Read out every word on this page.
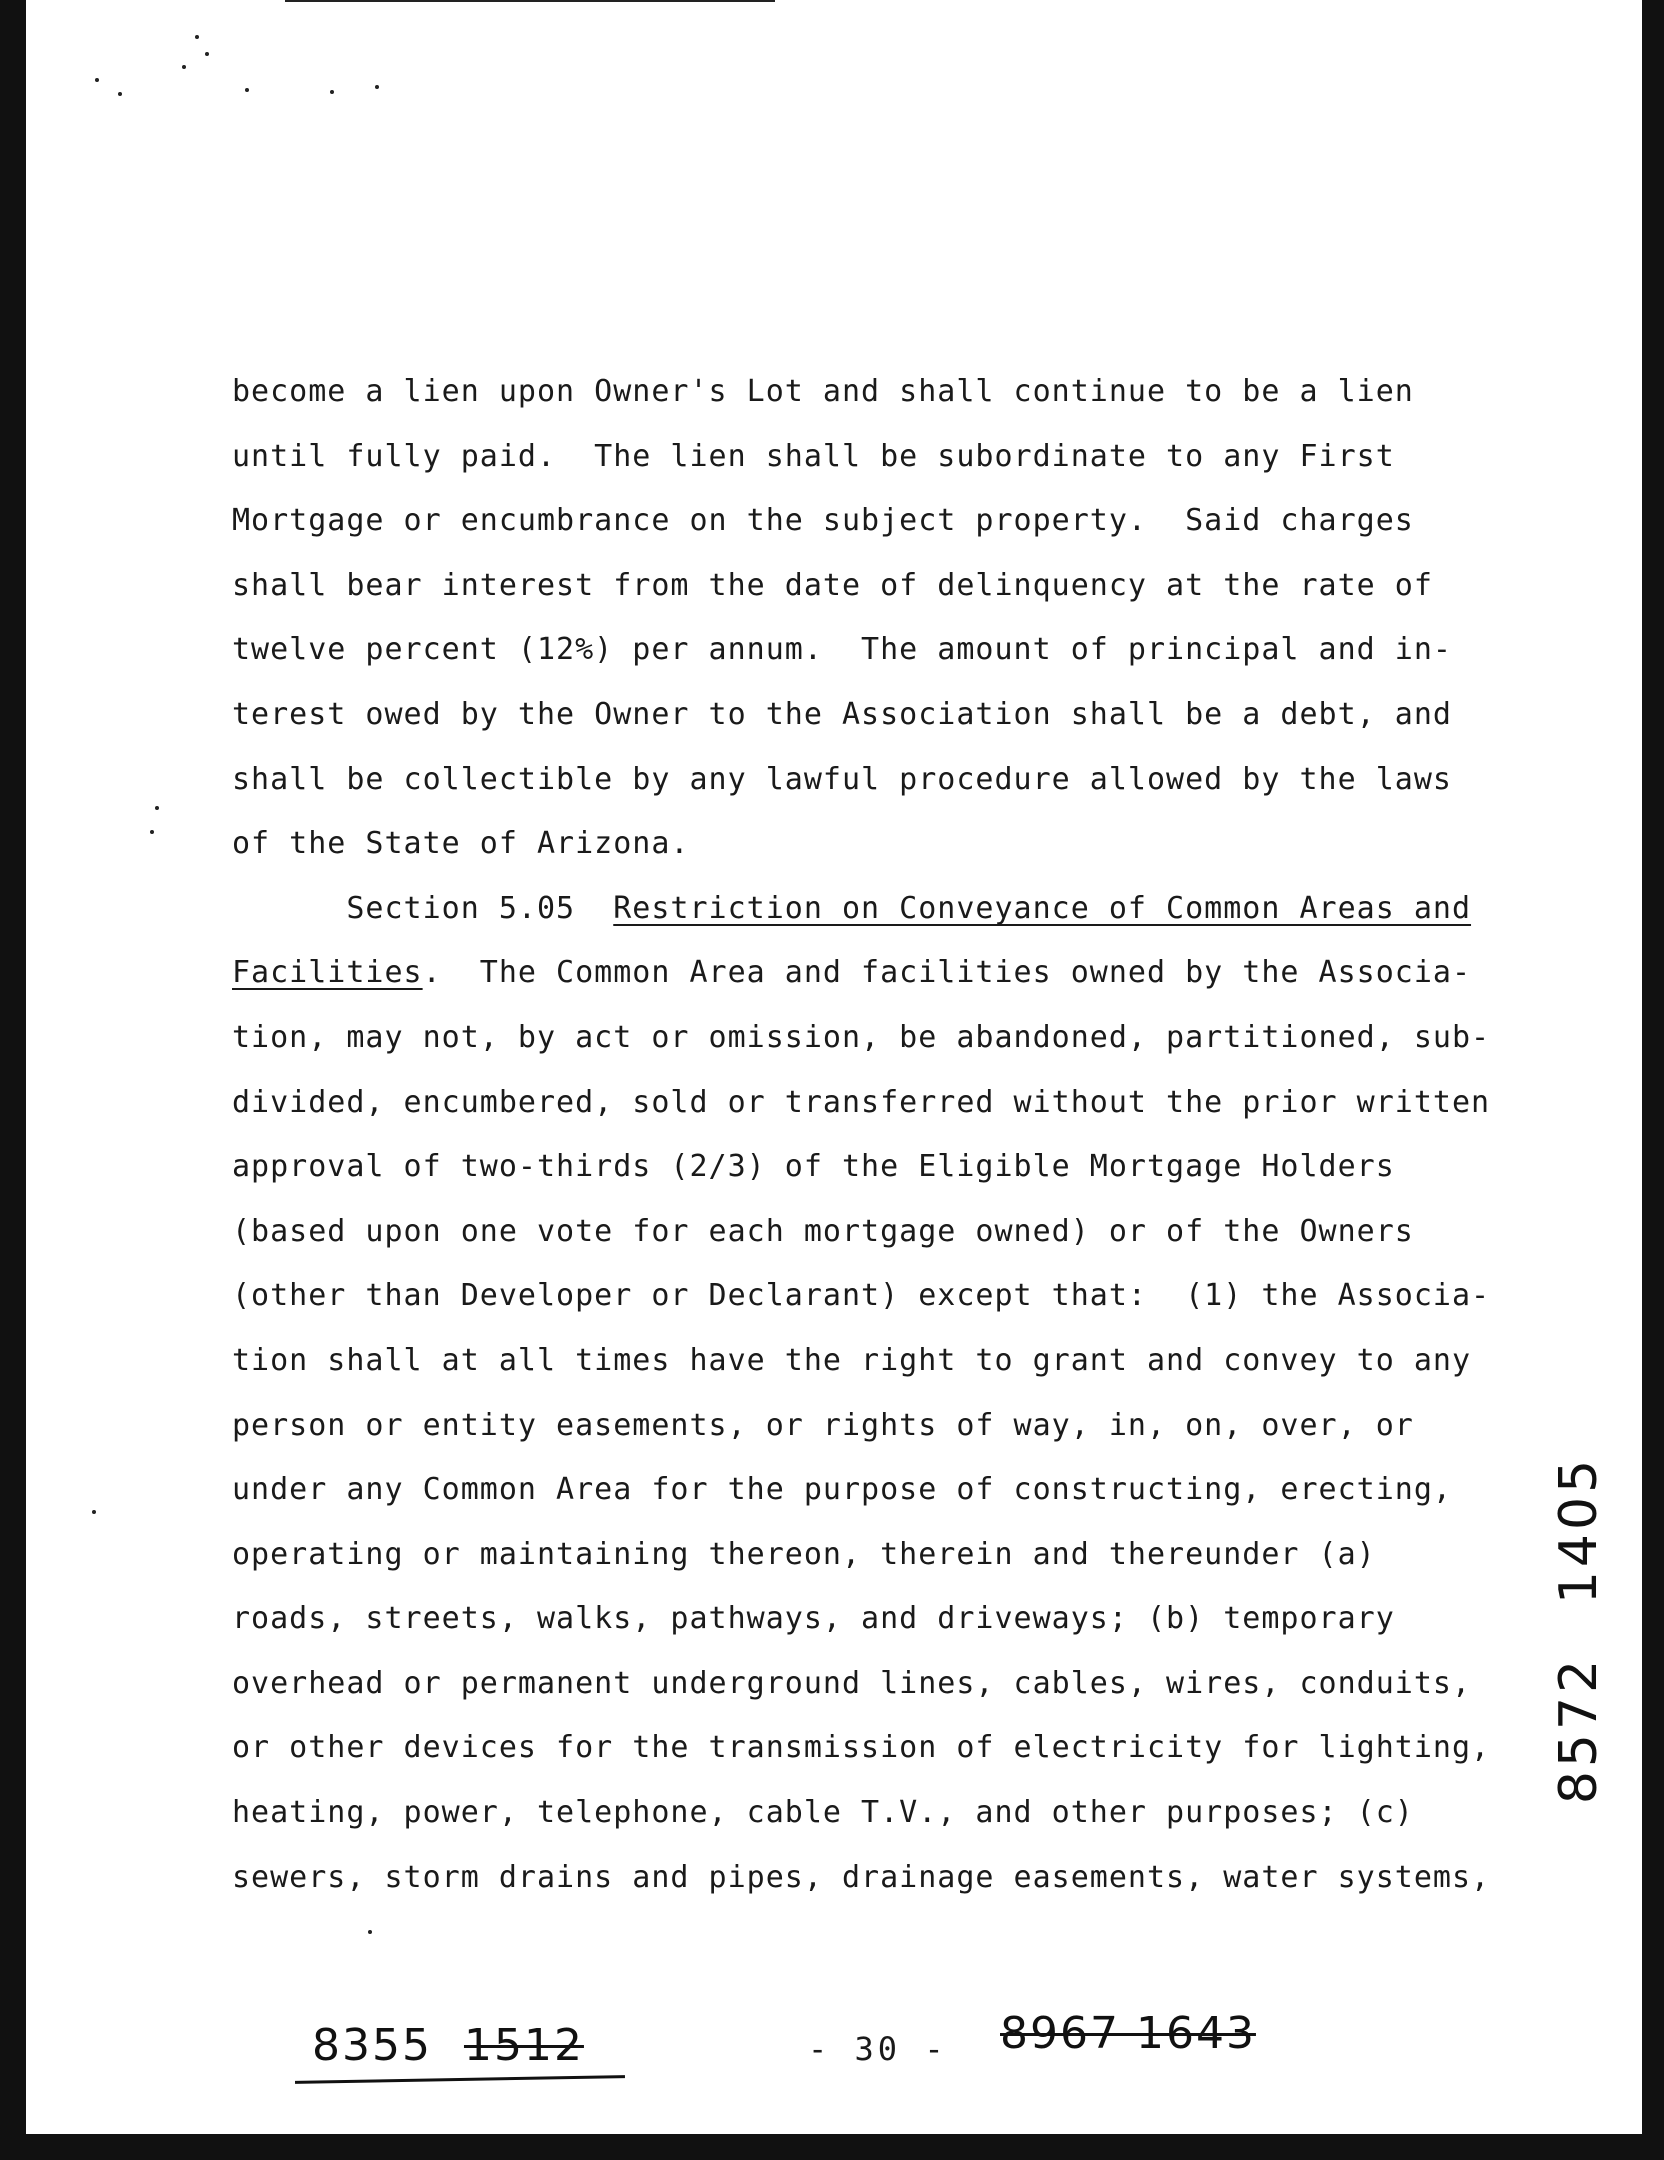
become a lien upon Owner's Lot and shall continue to be a lien
until fully paid.  The lien shall be subordinate to any First
Mortgage or encumbrance on the subject property.  Said charges
shall bear interest from the date of delinquency at the rate of
twelve percent (12%) per annum.  The amount of principal and in-
terest owed by the Owner to the Association shall be a debt, and
shall be collectible by any lawful procedure allowed by the laws
of the State of Arizona.
Section 5.05 Restriction on Conveyance of Common Areas and
Facilities.  The Common Area and facilities owned by the Associa-
tion, may not, by act or omission, be abandoned, partitioned, sub-
divided, encumbered, sold or transferred without the prior written
approval of two-thirds (2/3) of the Eligible Mortgage Holders
(based upon one vote for each mortgage owned) or of the Owners
(other than Developer or Declarant) except that:  (1) the Associa-
tion shall at all times have the right to grant and convey to any
person or entity easements, or rights of way, in, on, over, or
under any Common Area for the purpose of constructing, erecting,
operating or maintaining thereon, therein and thereunder (a)
roads, streets, walks, pathways, and driveways; (b) temporary
overhead or permanent underground lines, cables, wires, conduits,
or other devices for the transmission of electricity for lighting,
heating, power, telephone, cable T.V., and other purposes; (c)
sewers, storm drains and pipes, drainage easements, water systems,
1405
8572
8355 1512	- 30 - 8967 1643
